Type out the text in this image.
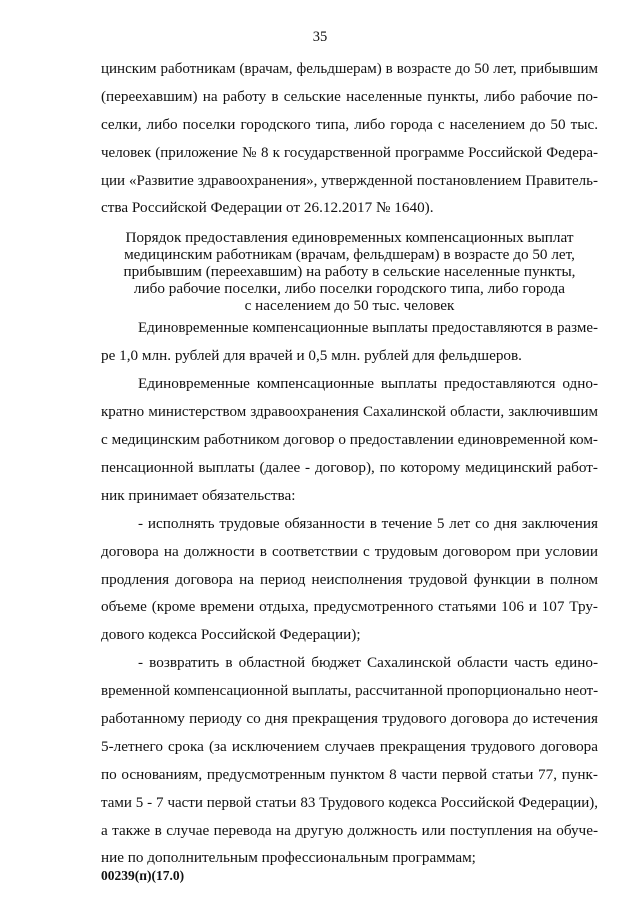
35
цинским работникам (врачам, фельдшерам) в возрасте до 50 лет, прибывшим
(переехавшим) на работу в сельские населенные пункты, либо рабочие по-
селки, либо поселки городского типа, либо города с населением до 50 тыс.
человек (приложение № 8 к государственной программе Российской Федера-
ции «Развитие здравоохранения», утвержденной постановлением Правитель-
ства Российской Федерации от 26.12.2017 № 1640).
Порядок предоставления единовременных компенсационных выплат
медицинским работникам (врачам, фельдшерам) в возрасте до 50 лет,
прибывшим (переехавшим) на работу в сельские населенные пункты,
либо рабочие поселки, либо поселки городского типа, либо города
с населением до 50 тыс. человек
Единовременные компенсационные выплаты предоставляются в разме-
ре 1,0 млн. рублей для врачей и 0,5 млн. рублей для фельдшеров.
Единовременные компенсационные выплаты предоставляются одно-
кратно министерством здравоохранения Сахалинской области, заключившим
с медицинским работником договор о предоставлении единовременной ком-
пенсационной выплаты (далее - договор), по которому медицинский работ-
ник принимает обязательства:
- исполнять трудовые обязанности в течение 5 лет со дня заключения
договора на должности в соответствии с трудовым договором при условии
продления договора на период неисполнения трудовой функции в полном
объеме (кроме времени отдыха, предусмотренного статьями 106 и 107 Тру-
дового кодекса Российской Федерации);
- возвратить в областной бюджет Сахалинской области часть едино-
временной компенсационной выплаты, рассчитанной пропорционально неот-
работанному периоду со дня прекращения трудового договора до истечения
5-летнего срока (за исключением случаев прекращения трудового договора
по основаниям, предусмотренным пунктом 8 части первой статьи 77, пунк-
тами 5 - 7 части первой статьи 83 Трудового кодекса Российской Федерации),
а также в случае перевода на другую должность или поступления на обуче-
ние по дополнительным профессиональным программам;
00239(п)(17.0)
